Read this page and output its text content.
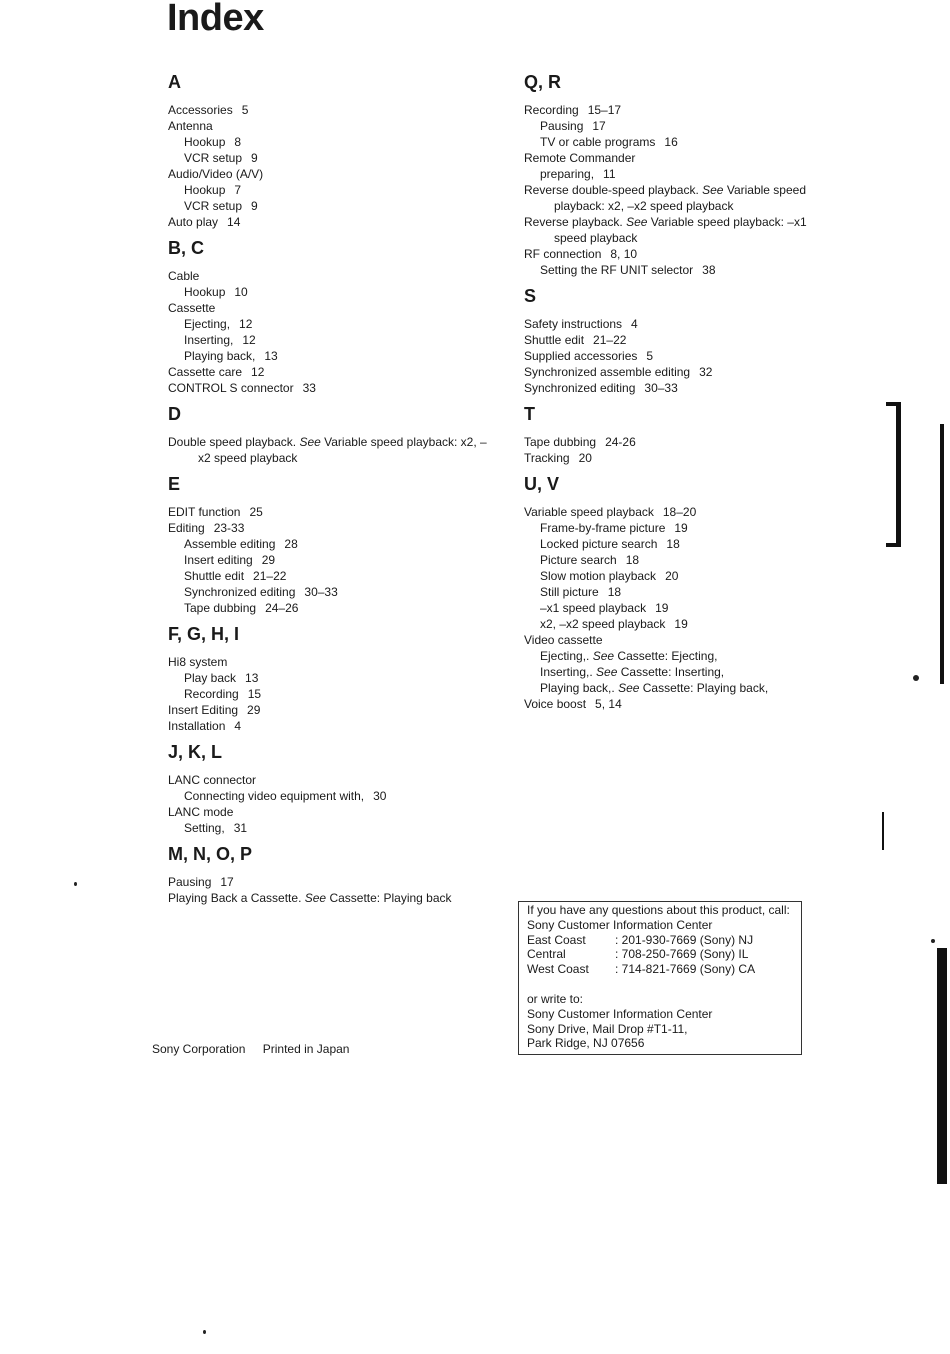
Index
A
Accessories 5
Antenna
Hookup 8
VCR setup 9
Audio/Video (A/V)
Hookup 7
VCR setup 9
Auto play 14
B, C
Cable
Hookup 10
Cassette
Ejecting, 12
Inserting, 12
Playing back, 13
Cassette care 12
CONTROL S connector 33
D
Double speed playback. See Variable speed playback: x2, –x2 speed playback
E
EDIT function 25
Editing 23-33
Assemble editing 28
Insert editing 29
Shuttle edit 21–22
Synchronized editing 30–33
Tape dubbing 24–26
F, G, H, I
Hi8 system
Play back 13
Recording 15
Insert Editing 29
Installation 4
J, K, L
LANC connector
Connecting video equipment with, 30
LANC mode
Setting, 31
M, N, O, P
Pausing 17
Playing Back a Cassette. See Cassette: Playing back
Q, R
Recording 15–17
Pausing 17
TV or cable programs 16
Remote Commander
preparing, 11
Reverse double-speed playback. See Variable speed playback: x2, –x2 speed playback
Reverse playback. See Variable speed playback: –x1 speed playback
RF connection 8, 10
Setting the RF UNIT selector 38
S
Safety instructions 4
Shuttle edit 21–22
Supplied accessories 5
Synchronized assemble editing 32
Synchronized editing 30–33
T
Tape dubbing 24-26
Tracking 20
U, V
Variable speed playback 18–20
Frame-by-frame picture 19
Locked picture search 18
Picture search 18
Slow motion playback 20
Still picture 18
–x1 speed playback 19
x2, –x2 speed playback 19
Video cassette
Ejecting,. See Cassette: Ejecting,
Inserting,. See Cassette: Inserting,
Playing back,. See Cassette: Playing back,
Voice boost 5, 14
If you have any questions about this product, call:
Sony Customer Information Center
East Coast	: 201-930-7669 (Sony) NJ
Central	: 708-250-7669 (Sony) IL
West Coast	: 714-821-7669 (Sony) CA
or write to:
Sony Customer Information Center
Sony Drive, Mail Drop #T1-11,
Park Ridge, NJ 07656
Sony Corporation Printed in Japan
